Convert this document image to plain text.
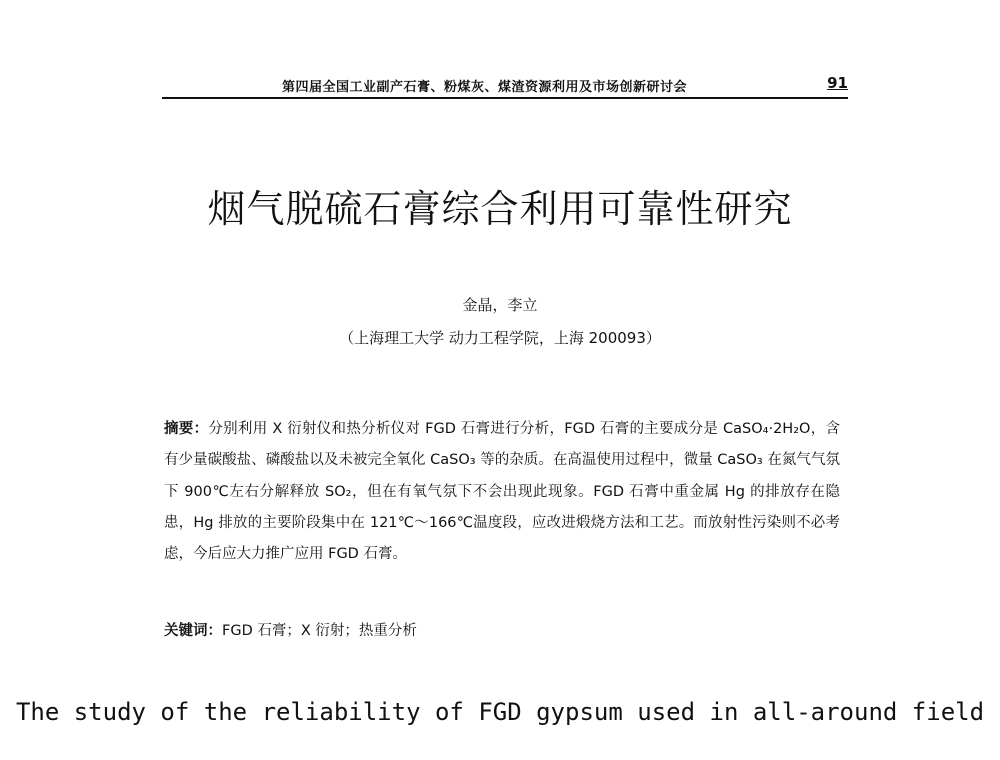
第四届全国工业副产石膏、粉煤灰、煤渣资源利用及市场创新研讨会	91
烟气脱硫石膏综合利用可靠性研究
金晶，李立
（上海理工大学 动力工程学院，上海 200093）
摘要：分别利用 X 衍射仪和热分析仪对 FGD 石膏进行分析，FGD 石膏的主要成分是 CaSO₄·2H₂O，含有少量碳酸盐、磷酸盐以及未被完全氧化 CaSO₃ 等的杂质。在高温使用过程中，微量 CaSO₃ 在氮气气氛下 900℃左右分解释放 SO₂，但在有氧气氛下不会出现此现象。FGD 石膏中重金属 Hg 的排放存在隐患，Hg 排放的主要阶段集中在 121℃～166℃温度段，应改进煅烧方法和工艺。而放射性污染则不必考虑，今后应大力推广应用 FGD 石膏。
关键词：FGD 石膏；X 衍射；热重分析
The study of the reliability of FGD gypsum used in all-around field
